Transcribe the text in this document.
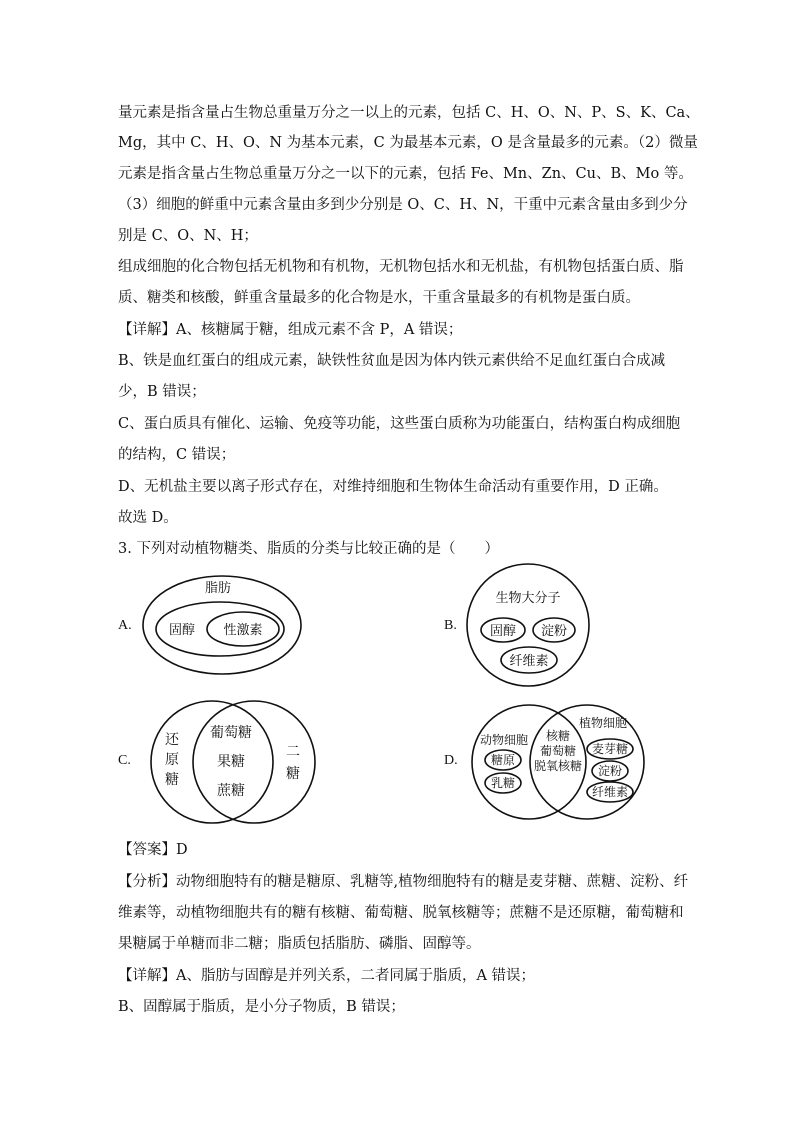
量元素是指含量占生物总重量万分之一以上的元素，包括 C、H、O、N、P、S、K、Ca、
Mg，其中 C、H、O、N 为基本元素，C 为最基本元素，O 是含量最多的元素。（2）微量
元素是指含量占生物总重量万分之一以下的元素，包括 Fe、Mn、Zn、Cu、B、Mo 等。
（3）细胞的鲜重中元素含量由多到少分别是 O、C、H、N，干重中元素含量由多到少分
别是 C、O、N、H；
组成细胞的化合物包括无机物和有机物，无机物包括水和无机盐，有机物包括蛋白质、脂
质、糖类和核酸，鲜重含量最多的化合物是水，干重含量最多的有机物是蛋白质。
【详解】A、核糖属于糖，组成元素不含 P，A 错误；
B、铁是血红蛋白的组成元素，缺铁性贫血是因为体内铁元素供给不足血红蛋白合成减
少，B 错误；
C、蛋白质具有催化、运输、免疫等功能，这些蛋白质称为功能蛋白，结构蛋白构成细胞
的结构，C 错误；
D、无机盐主要以离子形式存在，对维持细胞和生物体生命活动有重要作用，D 正确。
故选 D。
3. 下列对动植物糖类、脂质的分类与比较正确的是（　　）
A.
脂肪
固醇 性激素	B.
生物大分子
固醇 淀粉
纤维素
C.
还
原
糖
葡萄糖
果糖
蔗糖
二
糖
D.
动物细胞
糖原
乳糖
核糖
葡萄糖
脱氧核糖
植物细胞
麦芽糖
淀粉
纤维素
【答案】D
【分析】动物细胞特有的糖是糖原、乳糖等,植物细胞特有的糖是麦芽糖、蔗糖、淀粉、纤
维素等，动植物细胞共有的糖有核糖、葡萄糖、脱氧核糖等；蔗糖不是还原糖，葡萄糖和
果糖属于单糖而非二糖；脂质包括脂肪、磷脂、固醇等。
【详解】A、脂肪与固醇是并列关系，二者同属于脂质，A 错误；
B、固醇属于脂质，是小分子物质，B 错误；
